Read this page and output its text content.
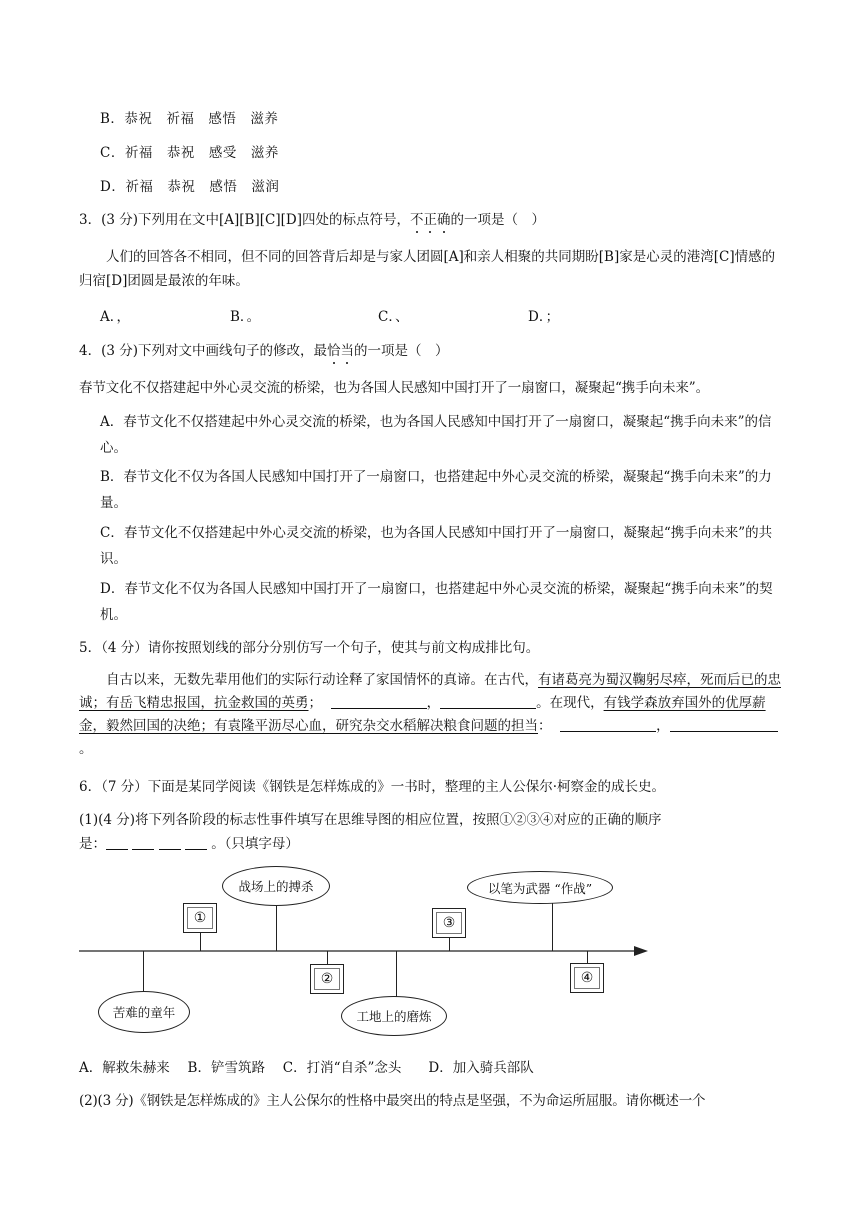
B．恭祝　祈福　感悟　滋养
C．祈福　恭祝　感受　滋养
D．祈福　恭祝　感悟　滋润
3．(3 分)下列用在文中[A][B][C][D]四处的标点符号，不正确的一项是（　）
人们的回答各不相同，但不同的回答背后却是与家人团圆[A]和亲人相聚的共同期盼[B]家是心灵的港湾[C]情感的归宿[D]团圆是最浓的年味。
A．，	B．。	C．、	D．；
4．(3 分)下列对文中画线句子的修改，最恰当的一项是（　）
春节文化不仅搭建起中外心灵交流的桥梁，也为各国人民感知中国打开了一扇窗口，凝聚起“携手向未来”。
A．春节文化不仅搭建起中外心灵交流的桥梁，也为各国人民感知中国打开了一扇窗口，凝聚起“携手向未来”的信心。
B．春节文化不仅为各国人民感知中国打开了一扇窗口，也搭建起中外心灵交流的桥梁，凝聚起“携手向未来”的力量。
C．春节文化不仅搭建起中外心灵交流的桥梁，也为各国人民感知中国打开了一扇窗口，凝聚起“携手向未来”的共识。
D．春节文化不仅为各国人民感知中国打开了一扇窗口，也搭建起中外心灵交流的桥梁，凝聚起“携手向未来”的契机。
5．（4 分）请你按照划线的部分分别仿写一个句子，使其与前文构成排比句。
自古以来，无数先辈用他们的实际行动诠释了家国情怀的真谛。在古代，有诸葛亮为蜀汉鞠躬尽瘁，死而后已的忠诚；有岳飞精忠报国，抗金救国的英勇；	，	。在现代，有钱学森放弃国外的优厚薪金，毅然回国的决绝；有袁隆平沥尽心血，研究杂交水稻解决粮食问题的担当：	，。
6．（7 分）下面是某同学阅读《钢铁是怎样炼成的》一书时，整理的主人公保尔·柯察金的成长史。
(1)(4 分)将下列各阶段的标志性事件填写在思维导图的相应位置，按照①②③④对应的正确的顺序
是：	。（只填字母）
苦难的童年
战场上的搏杀
工地上的磨炼
以笔为武器 “作战”
①
②
③
④
A．解救朱赫来　 B．铲雪筑路　 C．打消“自杀”念头　　D．加入骑兵部队
(2)(3 分)《钢铁是怎样炼成的》主人公保尔的性格中最突出的特点是坚强，不为命运所屈服。请你概述一个
